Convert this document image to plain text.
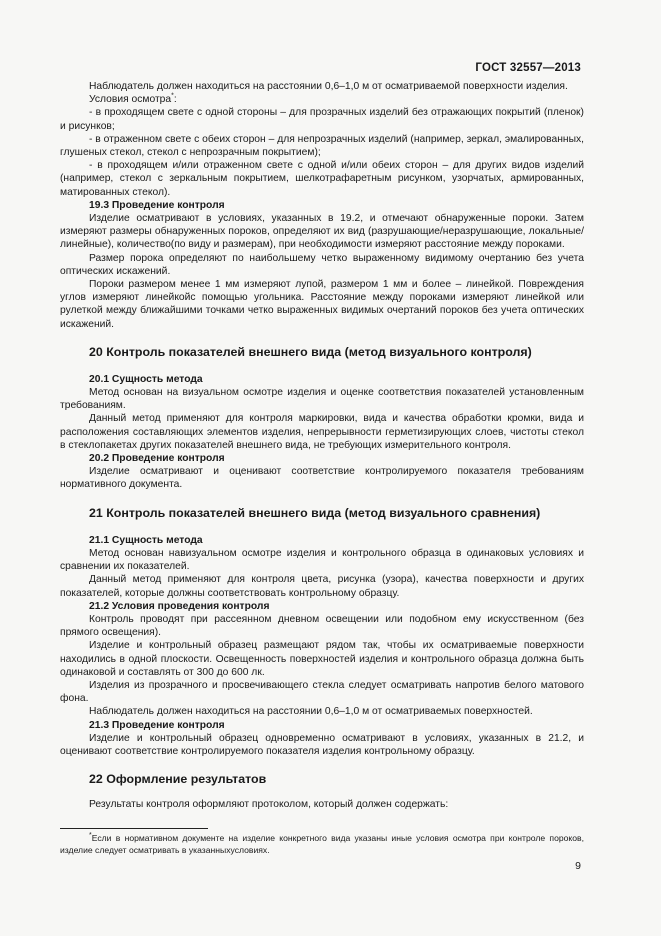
ГОСТ 32557—2013

Наблюдатель должен находиться на расстоянии 0,6–1,0 м от осматриваемой поверхности изделия.

Условия осмотра*:

- в проходящем свете с одной стороны – для прозрачных изделий без отражающих покрытий (пленок) и рисунков;

- в отраженном свете с обеих сторон – для непрозрачных изделий (например, зеркал, эмалированных, глушеных стекол, стекол с непрозрачным покрытием);

- в проходящем и/или отраженном свете с одной и/или обеих сторон – для других видов изделий (например, стекол с зеркальным покрытием, шелкотрафаретным рисунком, узорчатых, армированных, матированных стекол).

19.3 Проведение контроля

Изделие осматривают в условиях, указанных в 19.2, и отмечают обнаруженные пороки. Затем измеряют размеры обнаруженных пороков, определяют их вид (разрушающие/неразрушающие, локальные/линейные), количество(по виду и размерам), при необходимости измеряют расстояние между пороками.

Размер порока определяют по наибольшему четко выраженному видимому очертанию без учета оптических искажений.

Пороки размером менее 1 мм измеряют лупой, размером 1 мм и более – линейкой. Повреждения углов измеряют линейкойс помощью угольника. Расстояние между пороками измеряют линейкой или рулеткой между ближайшими точками четко выраженных видимых очертаний пороков без учета оптических искажений.

20 Контроль показателей внешнего вида (метод визуального контроля)

20.1 Сущность метода

Метод основан на визуальном осмотре изделия и оценке соответствия показателей установленным требованиям.

Данный метод применяют для контроля маркировки, вида и качества обработки кромки, вида и расположения составляющих элементов изделия, непрерывности герметизирующих слоев, чистоты стекол в стеклопакетах других показателей внешнего вида, не требующих измерительного контроля.

20.2 Проведение контроля

Изделие осматривают и оценивают соответствие контролируемого показателя требованиям нормативного документа.

21 Контроль показателей внешнего вида (метод визуального сравнения)

21.1 Сущность метода

Метод основан навизуальном осмотре изделия и контрольного образца в одинаковых условиях и сравнении их показателей.

Данный метод применяют для контроля цвета, рисунка (узора), качества поверхности и других показателей, которые должны соответствовать контрольному образцу.

21.2 Условия проведения контроля

Контроль проводят при рассеянном дневном освещении или подобном ему искусственном (без прямого освещения).

Изделие и контрольный образец размещают рядом так, чтобы их осматриваемые поверхности находились в одной плоскости. Освещенность поверхностей изделия и контрольного образца должна быть одинаковой и составлять от 300 до 600 лк.

Изделия из прозрачного и просвечивающего стекла следует осматривать напротив белого матового фона.

Наблюдатель должен находиться на расстоянии 0,6–1,0 м от осматриваемых поверхностей.

21.3 Проведение контроля

Изделие и контрольный образец одновременно осматривают в условиях, указанных в 21.2, и оценивают соответствие контролируемого показателя изделия контрольному образцу.

22 Оформление результатов

Результаты контроля оформляют протоколом, который должен содержать:

*Если в нормативном документе на изделие конкретного вида указаны иные условия осмотра при контроле пороков, изделие следует осматривать в указанныхусловиях.
9
